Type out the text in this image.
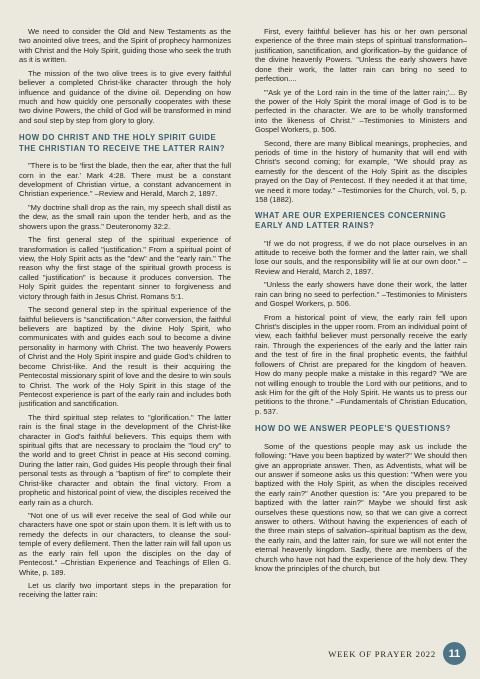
We need to consider the Old and New Testaments as the two anointed olive trees, and the Spirit of prophecy harmonizes with Christ and the Holy Spirit, guiding those who seek the truth as it is written.

The mission of the two olive trees is to give every faithful believer a completed Christ-like character through the holy influence and guidance of the divine oil. Depending on how much and how quickly one personally cooperates with these two divine Powers, the child of God will be transformed in mind and soul step by step from glory to glory.

HOW DO CHRIST AND THE HOLY SPIRIT GUIDE THE CHRISTIAN TO RECEIVE THE LATTER RAIN?

"There is to be 'first the blade, then the ear, after that the full corn in the ear.' Mark 4:28. There must be a constant development of Christian virtue, a constant advancement in Christian experience." –Review and Herald, March 2, 1897.

"My doctrine shall drop as the rain, my speech shall distil as the dew, as the small rain upon the tender herb, and as the showers upon the grass." Deuteronomy 32:2.

The first general step of the spiritual experience of transformation is called "justification." From a spiritual point of view, the Holy Spirit acts as the "dew" and the "early rain." The reason why the first stage of the spiritual growth process is called "justification" is because it produces conversion. The Holy Spirit guides the repentant sinner to forgiveness and victory through faith in Jesus Christ. Romans 5:1.

The second general step in the spiritual experience of the faithful believers is "sanctification." After conversion, the faithful believers are baptized by the divine Holy Spirit, who communicates with and guides each soul to become a divine personality in harmony with Christ. The two heavenly Powers of Christ and the Holy Spirit inspire and guide God's children to become Christ-like. And the result is their acquiring the Pentecostal missionary spirit of love and the desire to win souls to Christ. The work of the Holy Spirit in this stage of the Pentecost experience is part of the early rain and includes both justification and sanctification.

The third spiritual step relates to "glorification." The latter rain is the final stage in the development of the Christ-like character in God's faithful believers. This equips them with spiritual gifts that are necessary to proclaim the "loud cry" to the world and to greet Christ in peace at His second coming. During the latter rain, God guides His people through their final personal tests as through a "baptism of fire" to complete their Christ-like character and obtain the final victory. From a prophetic and historical point of view, the disciples received the early rain as a church.

"Not one of us will ever receive the seal of God while our characters have one spot or stain upon them. It is left with us to remedy the defects in our characters, to cleanse the soul-temple of every defilement. Then the latter rain will fall upon us as the early rain fell upon the disciples on the day of Pentecost." –Christian Experience and Teachings of Ellen G. White, p. 189.

Let us clarify two important steps in the preparation for receiving the latter rain:

First, every faithful believer has his or her own personal experience of the three main steps of spiritual transformation–justification, sanctification, and glorification–by the guidance of the divine heavenly Powers. "Unless the early showers have done their work, the latter rain can bring no seed to perfection....

"'Ask ye of the Lord rain in the time of the latter rain;'... By the power of the Holy Spirit the moral image of God is to be perfected in the character. We are to be wholly transformed into the likeness of Christ." –Testimonies to Ministers and Gospel Workers, p. 506.

Second, there are many Biblical meanings, prophecies, and periods of time in the history of humanity that will end with Christ's second coming; for example, "We should pray as earnestly for the descent of the Holy Spirit as the disciples prayed on the Day of Pentecost. If they needed it at that time, we need it more today." –Testimonies for the Church, vol. 5, p. 158 (1882).

WHAT ARE OUR EXPERIENCES CONCERNING EARLY AND LATTER RAINS?

"If we do not progress, if we do not place ourselves in an attitude to receive both the former and the latter rain, we shall lose our souls, and the responsibility will lie at our own door." –Review and Herald, March 2, 1897.

"Unless the early showers have done their work, the latter rain can bring no seed to perfection." –Testimonies to Ministers and Gospel Workers, p. 506.

From a historical point of view, the early rain fell upon Christ's disciples in the upper room. From an individual point of view, each faithful believer must personally receive the early rain. Through the experiences of the early and the latter rain and the test of fire in the final prophetic events, the faithful followers of Christ are prepared for the kingdom of heaven. How do many people make a mistake in this regard? "We are not willing enough to trouble the Lord with our petitions, and to ask Him for the gift of the Holy Spirit. He wants us to press our petitions to the throne." –Fundamentals of Christian Education, p. 537.

HOW DO WE ANSWER PEOPLE'S QUESTIONS?

Some of the questions people may ask us include the following: "Have you been baptized by water?" We should then give an appropriate answer. Then, as Adventists, what will be our answer if someone asks us this question: "When were you baptized with the Holy Spirit, as when the disciples received the early rain?" Another question is: "Are you prepared to be baptized with the latter rain?" Maybe we should first ask ourselves these questions now, so that we can give a correct answer to others. Without having the experiences of each of the three main steps of salvation–spiritual baptism as the dew, the early rain, and the latter rain, for sure we will not enter the eternal heavenly kingdom. Sadly, there are members of the church who have not had the experience of the holy dew. They know the principles of the church, but

WEEK OF PRAYER 2022	11
